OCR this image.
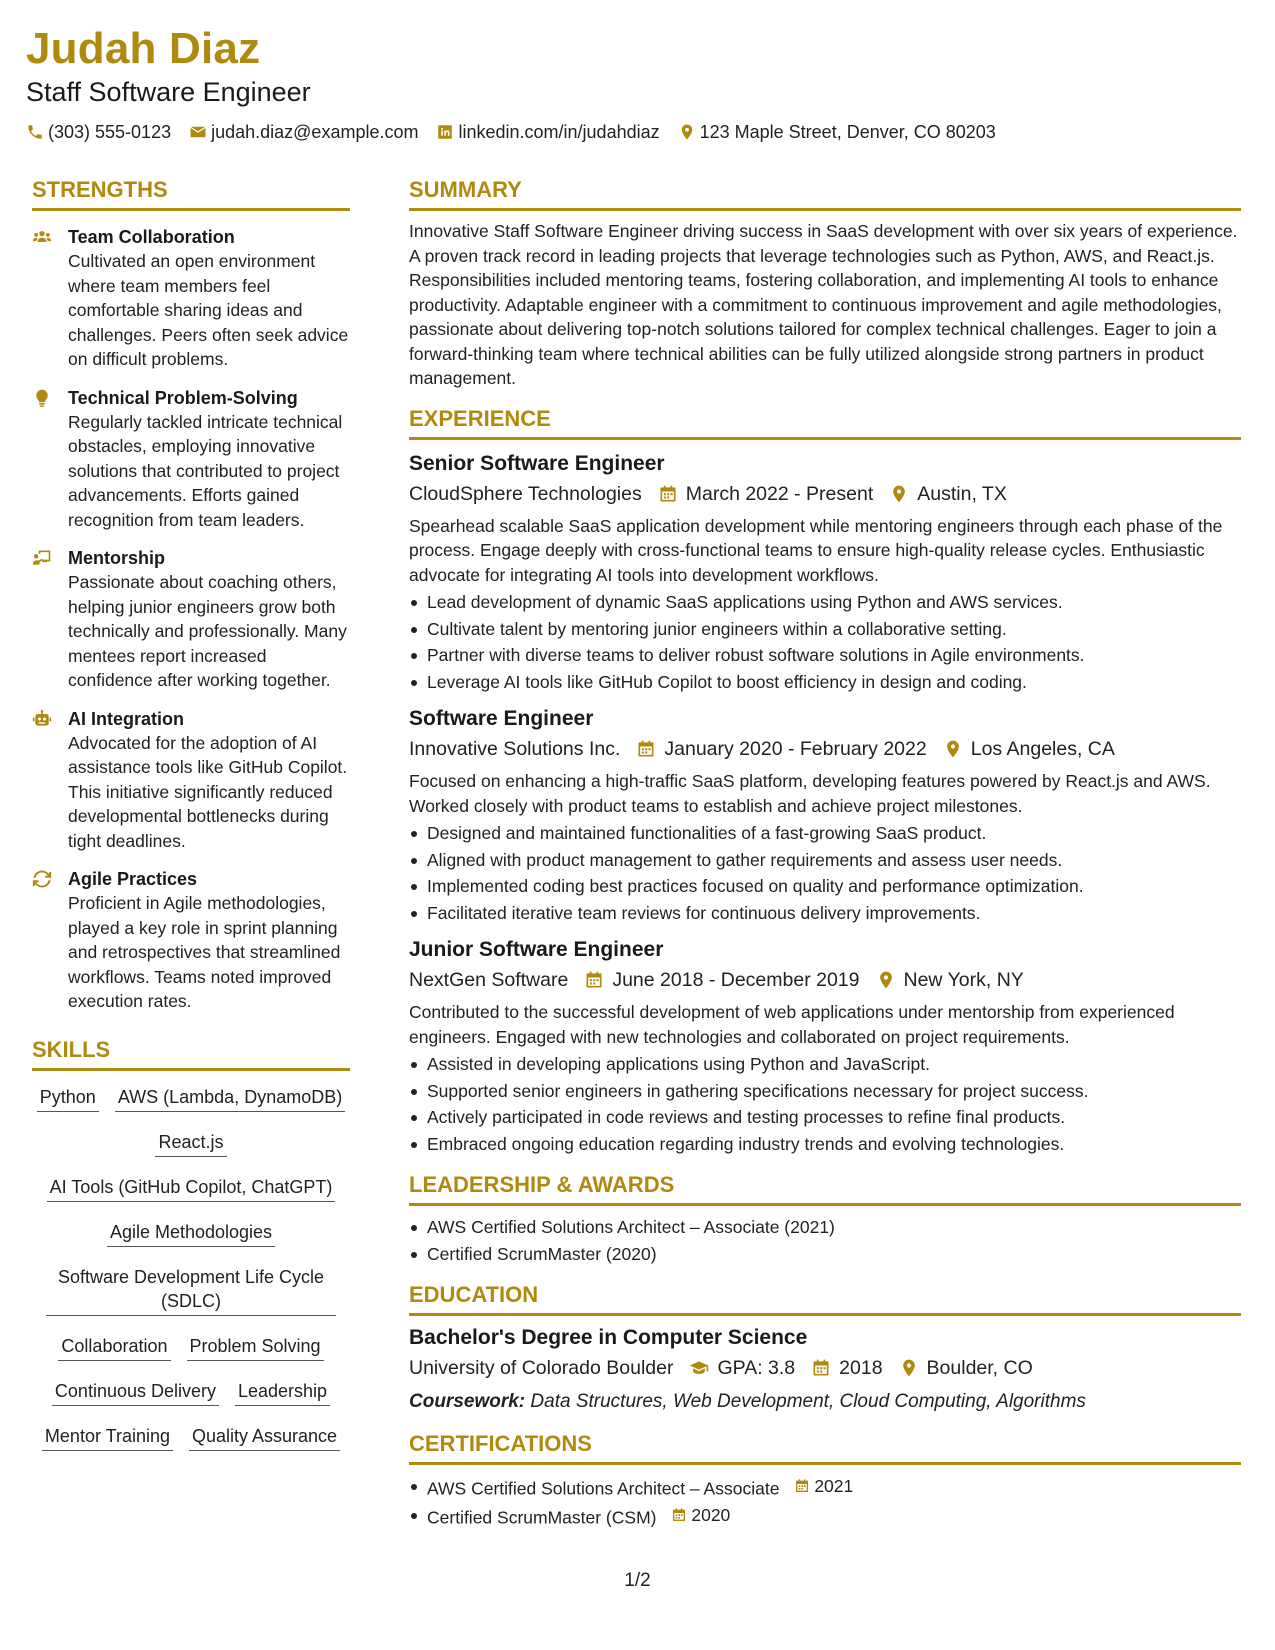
Judah Diaz
Staff Software Engineer
(303) 555-0123 judah.diaz@example.com linkedin.com/in/judahdiaz 123 Maple Street, Denver, CO 80203
STRENGTHS
Team Collaboration
Cultivated an open environment where team members feel comfortable sharing ideas and challenges. Peers often seek advice on difficult problems.
Technical Problem-Solving
Regularly tackled intricate technical obstacles, employing innovative solutions that contributed to project advancements. Efforts gained recognition from team leaders.
Mentorship
Passionate about coaching others, helping junior engineers grow both technically and professionally. Many mentees report increased confidence after working together.
AI Integration
Advocated for the adoption of AI assistance tools like GitHub Copilot. This initiative significantly reduced developmental bottlenecks during tight deadlines.
Agile Practices
Proficient in Agile methodologies, played a key role in sprint planning and retrospectives that streamlined workflows. Teams noted improved execution rates.
SKILLS
Python AWS (Lambda, DynamoDB)
React.js
AI Tools (GitHub Copilot, ChatGPT)
Agile Methodologies
Software Development Life Cycle (SDLC)
Collaboration Problem Solving
Continuous Delivery Leadership
Mentor Training Quality Assurance
SUMMARY
Innovative Staff Software Engineer driving success in SaaS development with over six years of experience. A proven track record in leading projects that leverage technologies such as Python, AWS, and React.js. Responsibilities included mentoring teams, fostering collaboration, and implementing AI tools to enhance productivity. Adaptable engineer with a commitment to continuous improvement and agile methodologies, passionate about delivering top-notch solutions tailored for complex technical challenges. Eager to join a forward-thinking team where technical abilities can be fully utilized alongside strong partners in product management.
EXPERIENCE
Senior Software Engineer
CloudSphere Technologies March 2022 - Present Austin, TX
Spearhead scalable SaaS application development while mentoring engineers through each phase of the process. Engage deeply with cross-functional teams to ensure high-quality release cycles. Enthusiastic advocate for integrating AI tools into development workflows.
Lead development of dynamic SaaS applications using Python and AWS services.
Cultivate talent by mentoring junior engineers within a collaborative setting.
Partner with diverse teams to deliver robust software solutions in Agile environments.
Leverage AI tools like GitHub Copilot to boost efficiency in design and coding.
Software Engineer
Innovative Solutions Inc. January 2020 - February 2022 Los Angeles, CA
Focused on enhancing a high-traffic SaaS platform, developing features powered by React.js and AWS. Worked closely with product teams to establish and achieve project milestones.
Designed and maintained functionalities of a fast-growing SaaS product.
Aligned with product management to gather requirements and assess user needs.
Implemented coding best practices focused on quality and performance optimization.
Facilitated iterative team reviews for continuous delivery improvements.
Junior Software Engineer
NextGen Software June 2018 - December 2019 New York, NY
Contributed to the successful development of web applications under mentorship from experienced engineers. Engaged with new technologies and collaborated on project requirements.
Assisted in developing applications using Python and JavaScript.
Supported senior engineers in gathering specifications necessary for project success.
Actively participated in code reviews and testing processes to refine final products.
Embraced ongoing education regarding industry trends and evolving technologies.
LEADERSHIP & AWARDS
AWS Certified Solutions Architect – Associate (2021)
Certified ScrumMaster (2020)
EDUCATION
Bachelor's Degree in Computer Science
University of Colorado Boulder GPA: 3.8 2018 Boulder, CO
Coursework: Data Structures, Web Development, Cloud Computing, Algorithms
CERTIFICATIONS
AWS Certified Solutions Architect – Associate 2021
Certified ScrumMaster (CSM) 2020
1/2
